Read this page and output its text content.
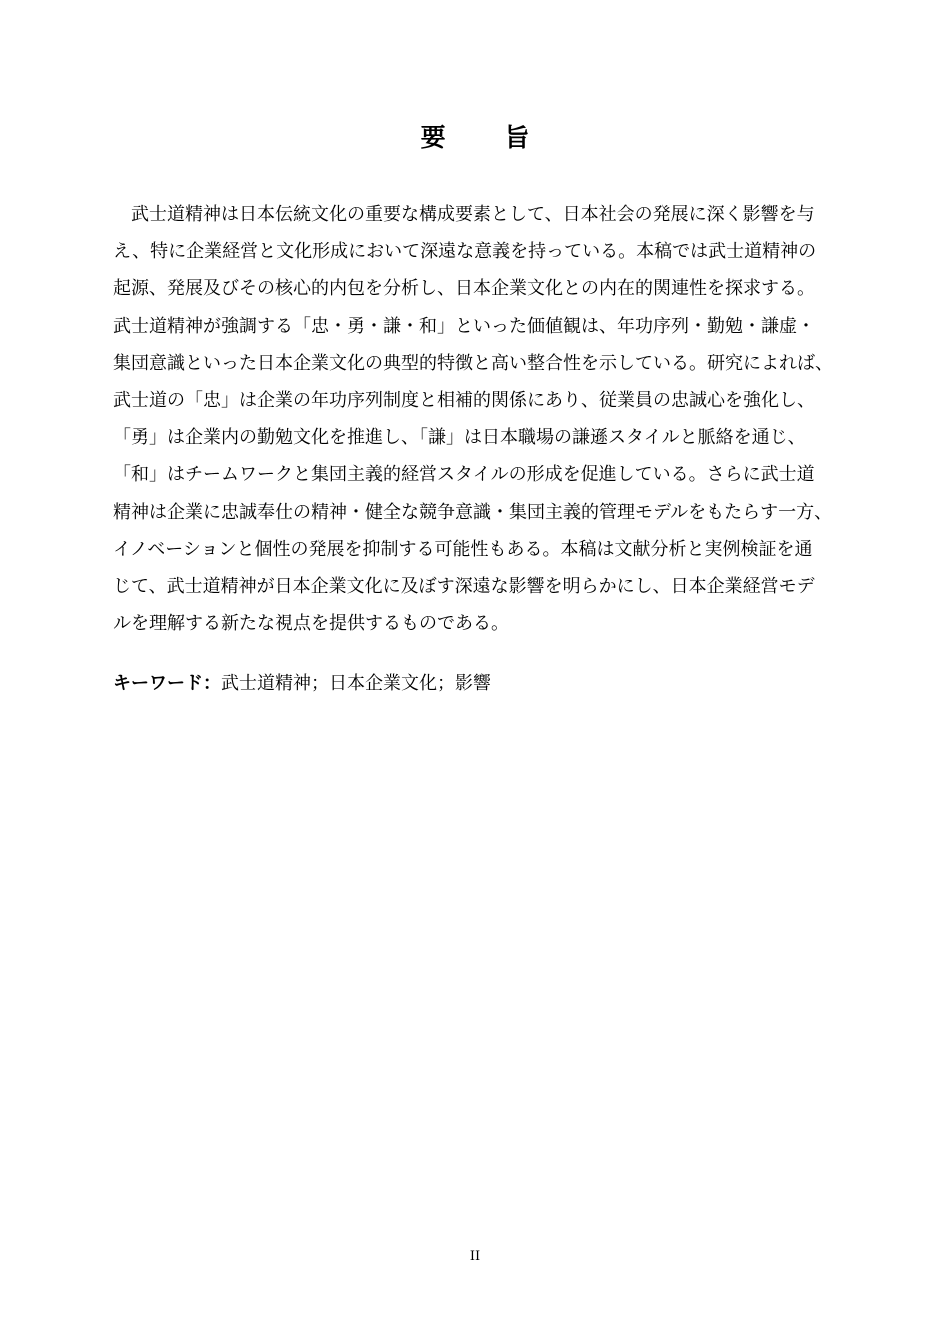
要 旨
　武士道精神は日本伝統文化の重要な構成要素として、日本社会の発展に深く影響を与
え、特に企業経営と文化形成において深遠な意義を持っている。本稿では武士道精神の
起源、発展及びその核心的内包を分析し、日本企業文化との内在的関連性を探求する。
武士道精神が強調する「忠・勇・謙・和」といった価値観は、年功序列・勤勉・謙虚・
集団意識といった日本企業文化の典型的特徴と高い整合性を示している。研究によれば、
武士道の「忠」は企業の年功序列制度と相補的関係にあり、従業員の忠誠心を強化し、
「勇」は企業内の勤勉文化を推進し、「謙」は日本職場の謙遜スタイルと脈絡を通じ、
「和」はチームワークと集団主義的経営スタイルの形成を促進している。さらに武士道
精神は企業に忠誠奉仕の精神・健全な競争意識・集団主義的管理モデルをもたらす一方、
イノベーションと個性の発展を抑制する可能性もある。本稿は文献分析と実例検証を通
じて、武士道精神が日本企業文化に及ぼす深遠な影響を明らかにし、日本企業経営モデ
ルを理解する新たな視点を提供するものである。
キーワード：武士道精神；日本企業文化；影響
II
